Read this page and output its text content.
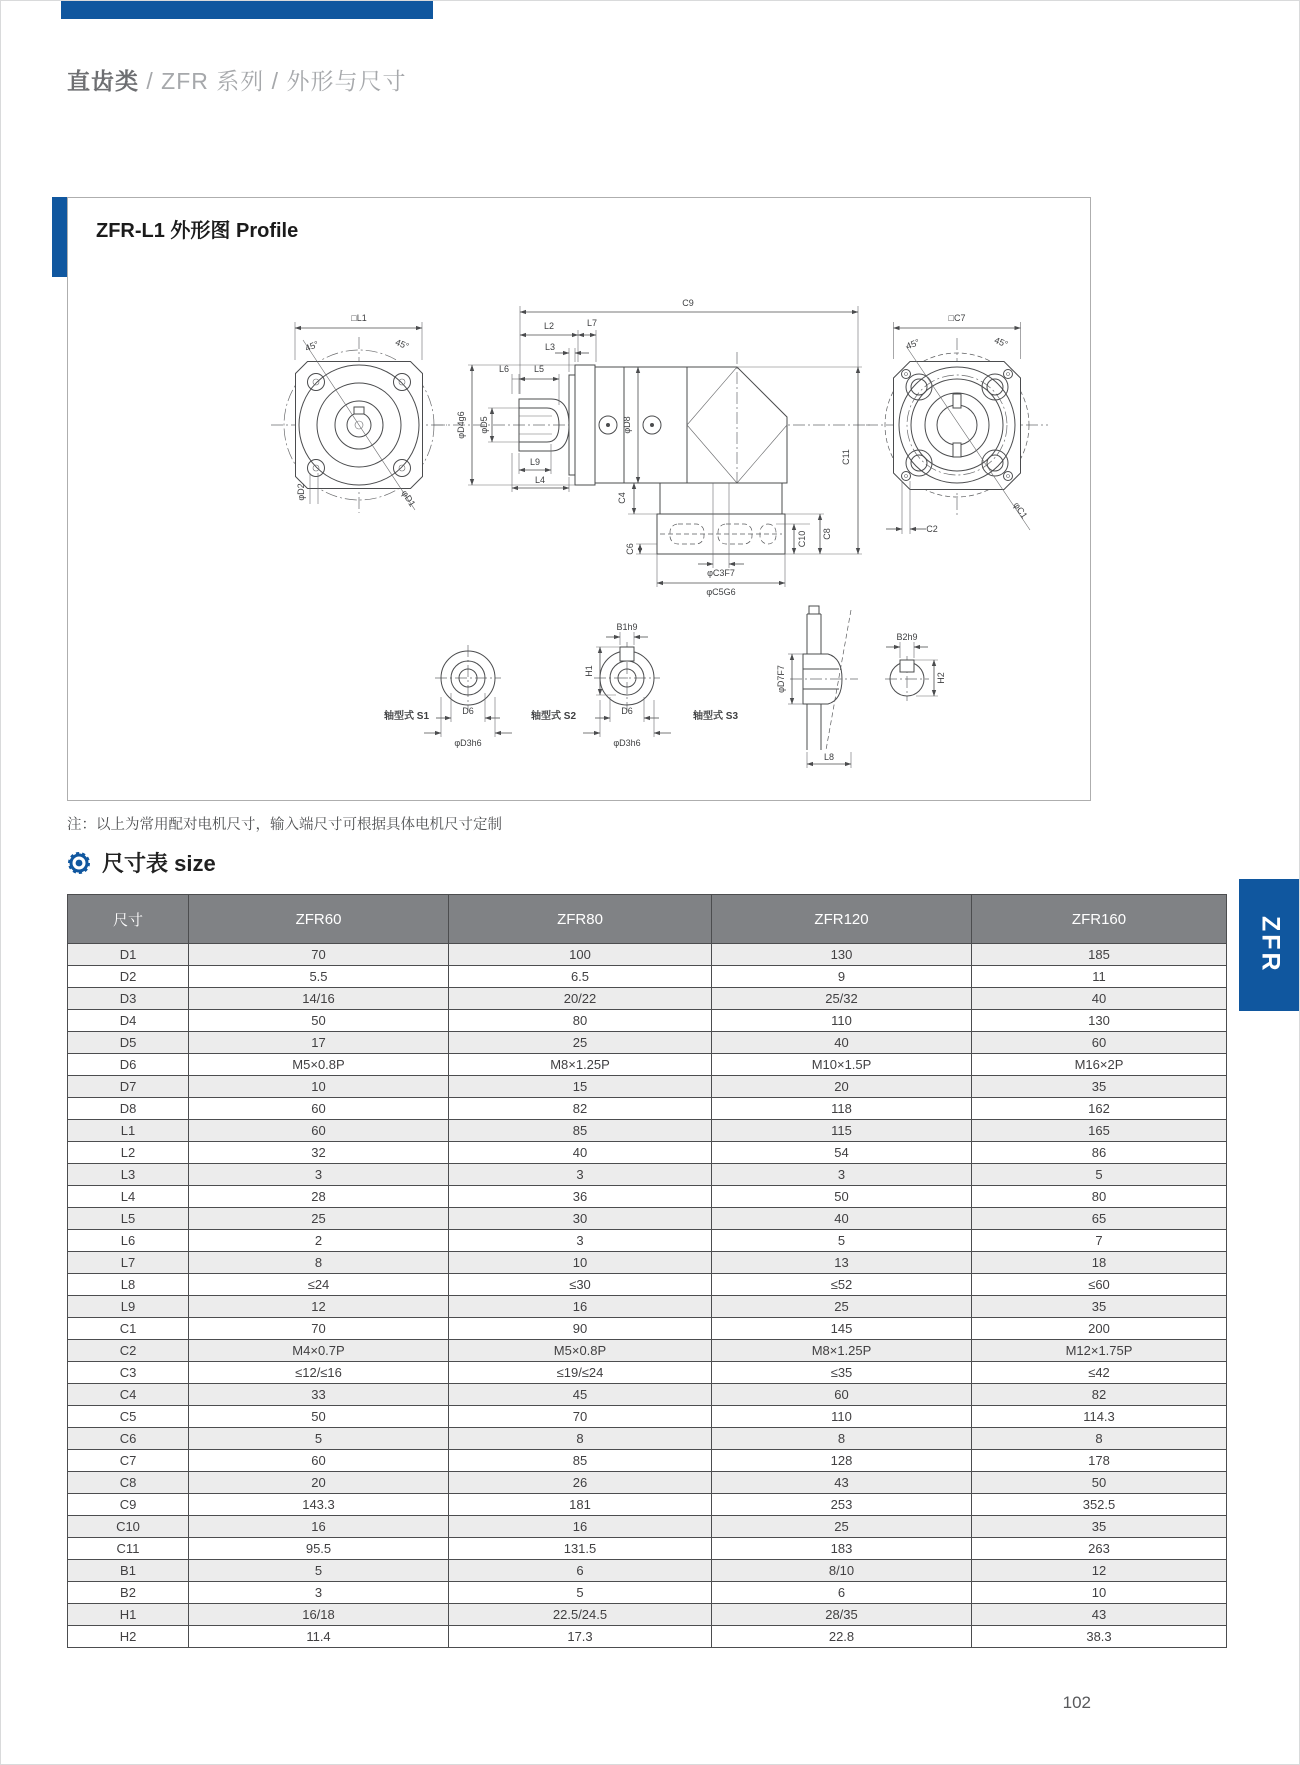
直齿类 / ZFR 系列 / 外形与尺寸
ZFR-L1 外形图 Profile
□L1
45°	45°
φD2	φD1
C9
L2	L7
L3
L6	L5
φD4g6 φD5
L9
L4
φD8
C4
C6
φC3F7
φC5G6
C10 C8
C11
□C7
45°	45°
C2
φC1
D6
φD3h6
轴型式 S1
B1h9
H1
D6
φD3h6
轴型式 S2
φD7F7
L8
轴型式 S3
B2h9
H2
注：以上为常用配对电机尺寸，输入端尺寸可根据具体电机尺寸定制
尺寸表 size
尺寸	ZFR60	ZFR80	ZFR120	ZFR160
D1	70	100	130	185
D2	5.5	6.5	9	11
D3	14/16	20/22	25/32	40
D4	50	80	110	130
D5	17	25	40	60
D6	M5×0.8P	M8×1.25P	M10×1.5P	M16×2P
D7	10	15	20	35
D8	60	82	118	162
L1	60	85	115	165
L2	32	40	54	86
L3	3	3	3	5
L4	28	36	50	80
L5	25	30	40	65
L6	2	3	5	7
L7	8	10	13	18
L8	≤24	≤30	≤52	≤60
L9	12	16	25	35
C1	70	90	145	200
C2	M4×0.7P	M5×0.8P	M8×1.25P	M12×1.75P
C3	≤12/≤16	≤19/≤24	≤35	≤42
C4	33	45	60	82
C5	50	70	110	114.3
C6	5	8	8	8
C7	60	85	128	178
C8	20	26	43	50
C9	143.3	181	253	352.5
C10	16	16	25	35
C11	95.5	131.5	183	263
B1	5	6	8/10	12
B2	3	5	6	10
H1	16/18	22.5/24.5	28/35	43
H2	11.4	17.3	22.8	38.3
ZFR
102
